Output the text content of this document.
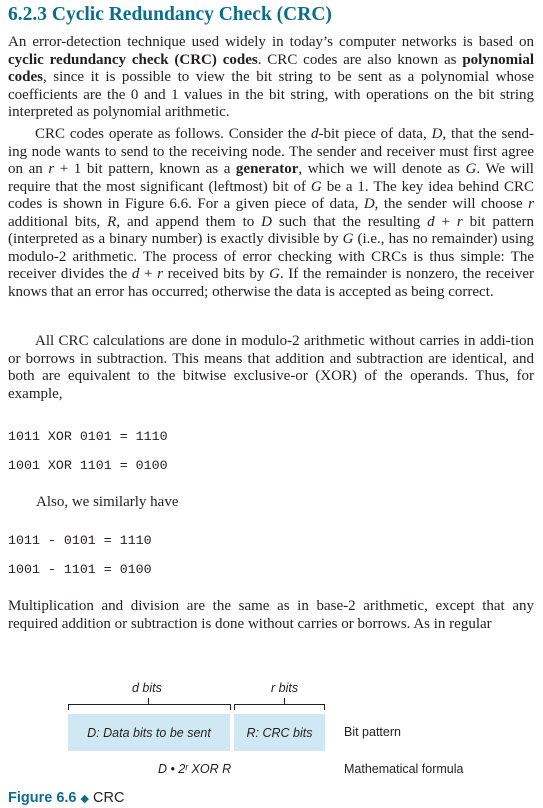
6.2.3 Cyclic Redundancy Check (CRC)

An error-detection technique used widely in today’s computer networks is based on cyclic redundancy check (CRC) codes. CRC codes are also known as polynomial codes, since it is possible to view the bit string to be sent as a polynomial whose coefficients are the 0 and 1 values in the bit string, with operations on the bit string interpreted as polynomial arithmetic.

CRC codes operate as follows. Consider the d-bit piece of data, D, that the send-ing node wants to send to the receiving node. The sender and receiver must first agree on an r + 1 bit pattern, known as a generator, which we will denote as G. We will require that the most significant (leftmost) bit of G be a 1. The key idea behind CRC codes is shown in Figure 6.6. For a given piece of data, D, the sender will choose r additional bits, R, and append them to D such that the resulting d + r bit pattern (interpreted as a binary number) is exactly divisible by G (i.e., has no remainder) using modulo-2 arithmetic. The process of error checking with CRCs is thus simple: The receiver divides the d + r received bits by G. If the remainder is nonzero, the receiver knows that an error has occurred; otherwise the data is accepted as being correct.

All CRC calculations are done in modulo-2 arithmetic without carries in addi-tion or borrows in subtraction. This means that addition and subtraction are identical, and both are equivalent to the bitwise exclusive-or (XOR) of the operands. Thus, for example,

1011 XOR 0101 = 1110
1001 XOR 1101 = 0100
Also, we similarly have
1011 - 0101 = 1110
1001 - 1101 = 0100

Multiplication and division are the same as in base-2 arithmetic, except that any required addition or subtraction is done without carries or borrows. As in regular

d bits	r bits
D: Data bits to be sent	R: CRC bits	Bit pattern
D • 2ʳ XOR R	Mathematical formula
Figure 6.6 ◆ CRC
